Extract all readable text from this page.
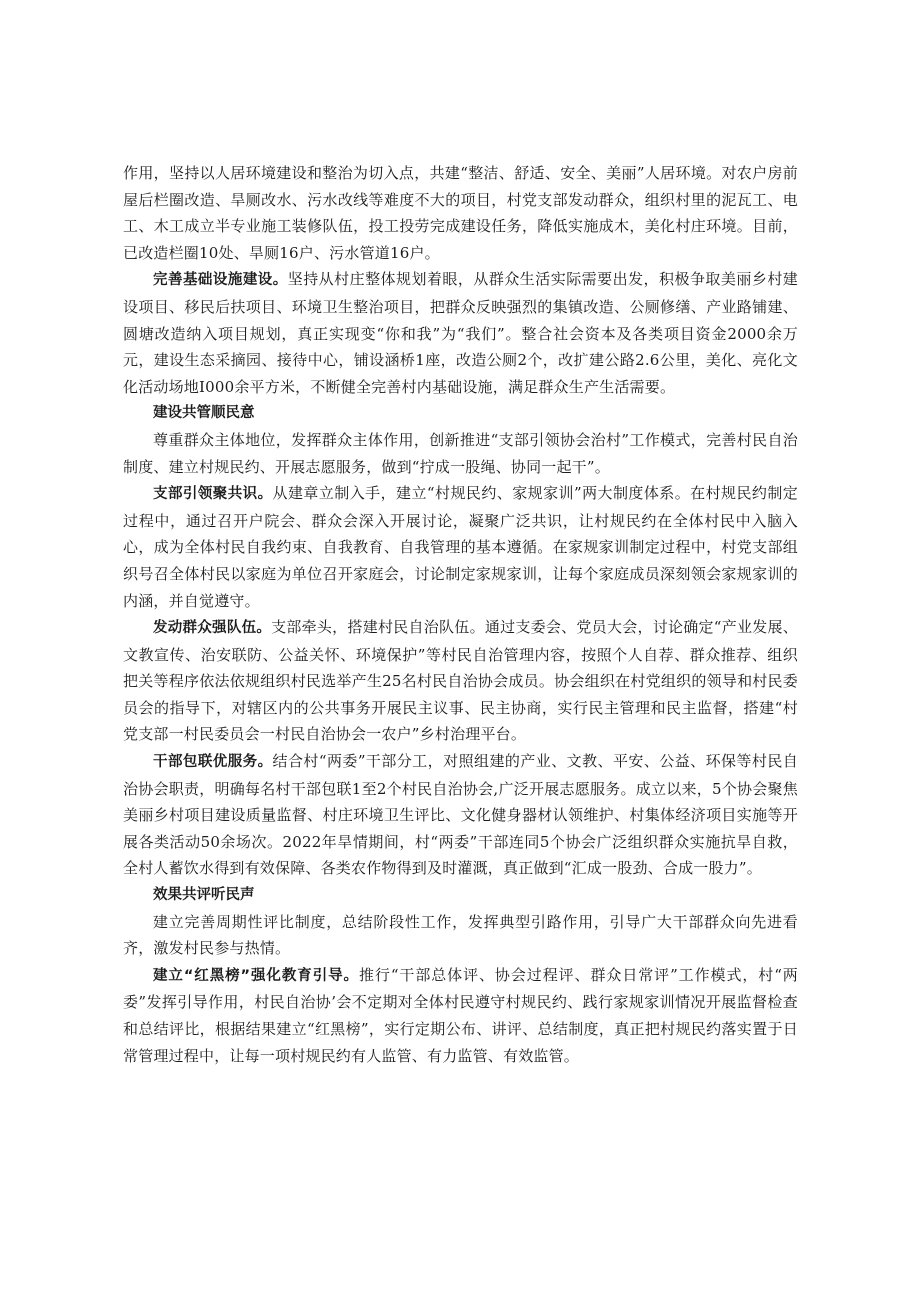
作用，坚持以人居环境建设和整治为切入点，共建“整洁、舒适、安全、美丽”人居环境。对农户房前屋后栏圈改造、旱厕改水、污水改线等难度不大的项目，村党支部发动群众，组织村里的泥瓦工、电工、木工成立半专业施工装修队伍，投工投劳完成建设任务，降低实施成木，美化村庄环境。目前，已改造栏圈10处、旱厕16户、污水管道16户。

完善基础设施建设。坚持从村庄整体规划着眼，从群众生活实际需要出发，积极争取美丽乡村建设项目、移民后扶项目、环境卫生整治项目，把群众反映强烈的集镇改造、公厕修缮、产业路铺建、圆塘改造纳入项目规划，真正实现变“你和我”为“我们”。整合社会资本及各类项目资金2000余万元，建设生态采摘园、接待中心，铺设涵桥1座，改造公厕2个，改扩建公路2.6公里，美化、亮化文化活动场地I000余平方米，不断健全完善村内基础设施，满足群众生产生活需要。

建设共管顺民意

尊重群众主体地位，发挥群众主体作用，创新推进“支部引领协会治村”工作模式，完善村民自治制度、建立村规民约、开展志愿服务，做到“拧成一股绳、协同一起干”。

支部引领聚共识。从建章立制入手，建立“村规民约、家规家训”两大制度体系。在村规民约制定过程中，通过召开户院会、群众会深入开展讨论，凝聚广泛共识，让村规民约在全体村民中入脑入心，成为全体村民自我约束、自我教育、自我管理的基本遵循。在家规家训制定过程中，村党支部组织号召全体村民以家庭为单位召开家庭会，讨论制定家规家训，让每个家庭成员深刻领会家规家训的内涵，并自觉遵守。

发动群众强队伍。支部牵头，搭建村民自治队伍。通过支委会、党员大会，讨论确定“产业发展、文教宣传、治安联防、公益关怀、环境保护”等村民自治管理内容，按照个人自荐、群众推荐、组织把关等程序依法依规组织村民选举产生25名村民自治协会成员。协会组织在村党组织的领导和村民委员会的指导下，对辖区内的公共事务开展民主议事、民主协商，实行民主管理和民主监督，搭建“村党支部一村民委员会一村民自治协会一农户”乡村治理平台。

干部包联优服务。结合村“两委”干部分工，对照组建的产业、文教、平安、公益、环保等村民自治协会职责，明确每名村干部包联1至2个村民自治协会,广泛开展志愿服务。成立以来，5个协会聚焦美丽乡村项目建设质量监督、村庄环境卫生评比、文化健身器材认领维护、村集体经济项目实施等开展各类活动50余场次。2022年旱情期间，村“两委”干部连同5个协会广泛组织群众实施抗旱自救，全村人蓄饮水得到有效保障、各类农作物得到及时灌溉，真正做到“汇成一股劲、合成一股力”。

效果共评听民声

建立完善周期性评比制度，总结阶段性工作，发挥典型引路作用，引导广大干部群众向先进看齐，激发村民参与热情。

建立“红黑榜”强化教育引导。推行“干部总体评、协会过程评、群众日常评”工作模式，村“两委”发挥引导作用，村民自治协’会不定期对全体村民遵守村规民约、践行家规家训情况开展监督检查和总结评比，根据结果建立“红黑榜”，实行定期公布、讲评、总结制度，真正把村规民约落实置于日常管理过程中，让每一项村规民约有人监管、有力监管、有效监管。
